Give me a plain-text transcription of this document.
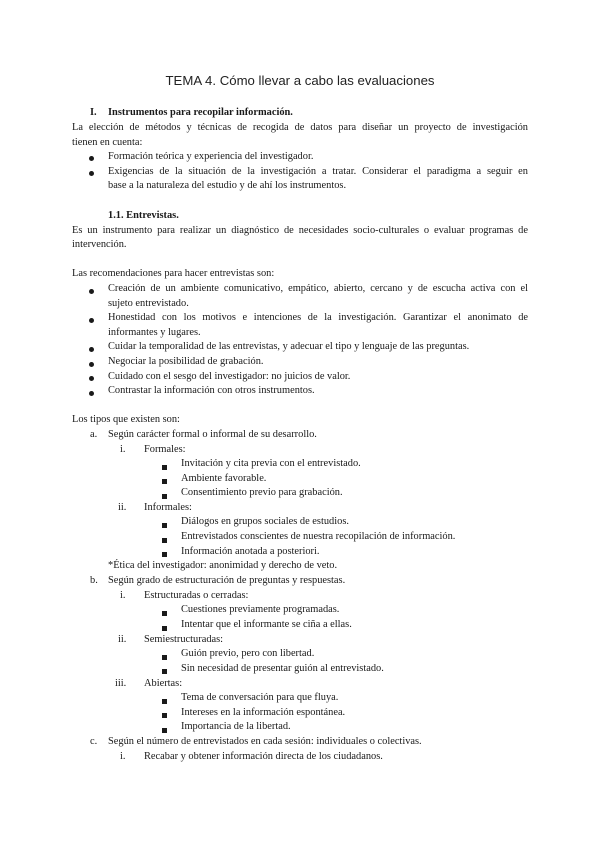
TEMA 4. Cómo llevar a cabo las evaluaciones
I. Instrumentos para recopilar información.
La elección de métodos y técnicas de recogida de datos para diseñar un proyecto de investigación
tienen en cuenta:
Formación teórica y experiencia del investigador.
Exigencias de la situación de la investigación a tratar. Considerar el paradigma a seguir en
base a la naturaleza del estudio y de ahí los instrumentos.
1.1. Entrevistas.
Es un instrumento para realizar un diagnóstico de necesidades socio-culturales o evaluar programas de
intervención.
Las recomendaciones para hacer entrevistas son:
Creación de un ambiente comunicativo, empático, abierto, cercano y de escucha activa con el
sujeto entrevistado.
Honestidad con los motivos e intenciones de la investigación. Garantizar el anonimato de
informantes y lugares.
Cuidar la temporalidad de las entrevistas, y adecuar el tipo y lenguaje de las preguntas.
Negociar la posibilidad de grabación.
Cuidado con el sesgo del investigador: no juicios de valor.
Contrastar la información con otros instrumentos.
Los tipos que existen son:
a. Según carácter formal o informal de su desarrollo.
i. Formales:
Invitación y cita previa con el entrevistado.
Ambiente favorable.
Consentimiento previo para grabación.
ii. Informales:
Diálogos en grupos sociales de estudios.
Entrevistados conscientes de nuestra recopilación de información.
Información anotada a posteriori.
*Ética del investigador: anonimidad y derecho de veto.
b. Según grado de estructuración de preguntas y respuestas.
i. Estructuradas o cerradas:
Cuestiones previamente programadas.
Intentar que el informante se ciña a ellas.
ii. Semiestructuradas:
Guión previo, pero con libertad.
Sin necesidad de presentar guión al entrevistado.
iii. Abiertas:
Tema de conversación para que fluya.
Intereses en la información espontánea.
Importancia de la libertad.
c. Según el número de entrevistados en cada sesión: individuales o colectivas.
i. Recabar y obtener información directa de los ciudadanos.
